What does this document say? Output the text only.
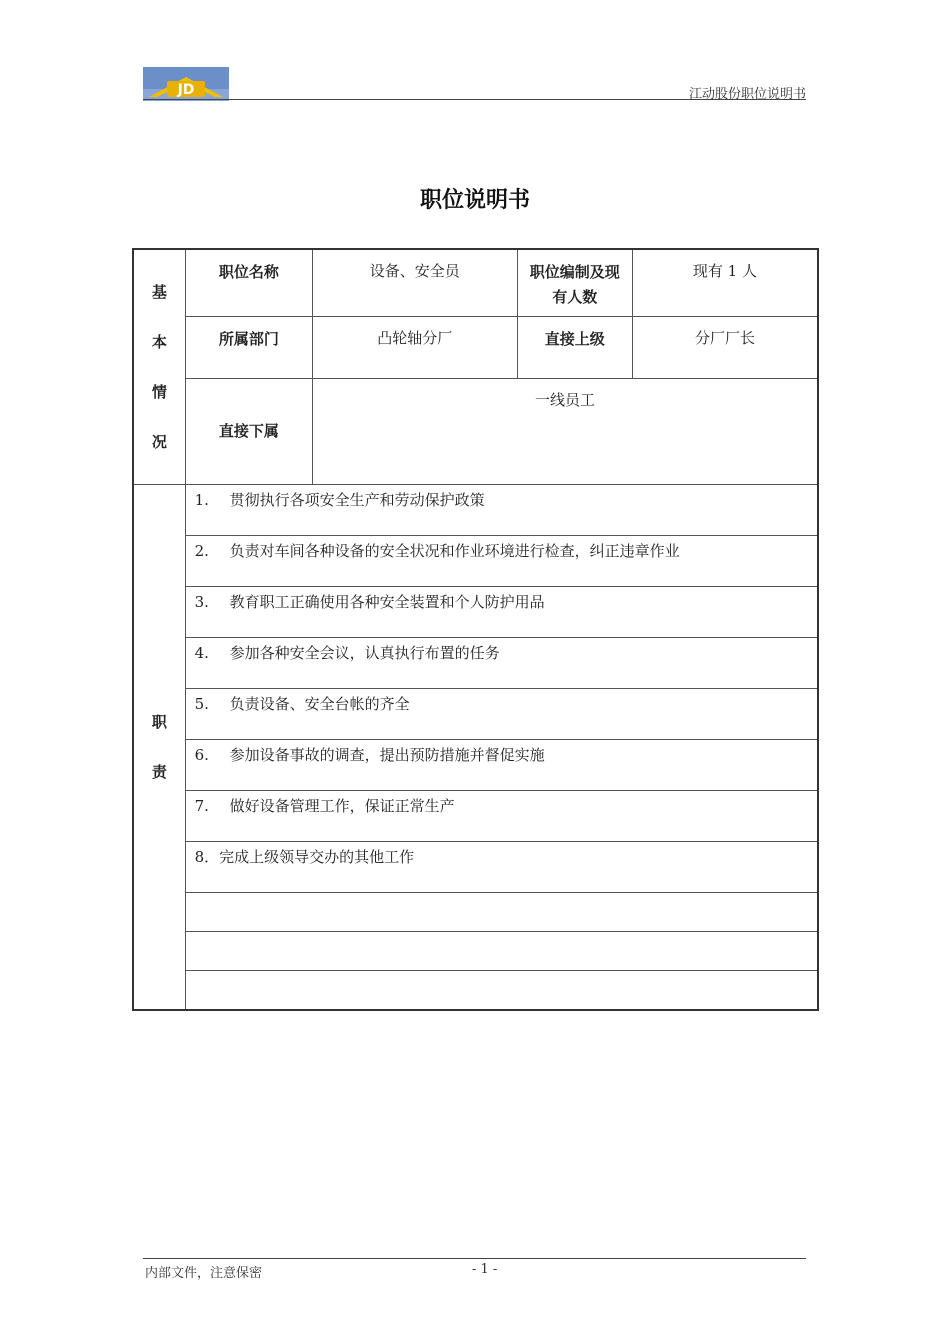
JD	江动股份职位说明书
职位说明书
基
本
情
况	职位名称	设备、安全员	职位编制及现有人数	现有 1 人
	所属部门	凸轮轴分厂	直接上级	分厂厂长
	直接下属	一线员工		

职
责	1. 贯彻执行各项安全生产和劳动保护政策			
	2. 负责对车间各种设备的安全状况和作业环境进行检查，纠正违章作业			
	3. 教育职工正确使用各种安全装置和个人防护用品			
	4. 参加各种安全会议，认真执行布置的任务			
	5. 负责设备、安全台帐的齐全			
	6. 参加设备事故的调查，提出预防措施并督促实施			
	7. 做好设备管理工作，保证正常生产			
	8．完成上级领导交办的其他工作			

内部文件，注意保密	- 1 -
